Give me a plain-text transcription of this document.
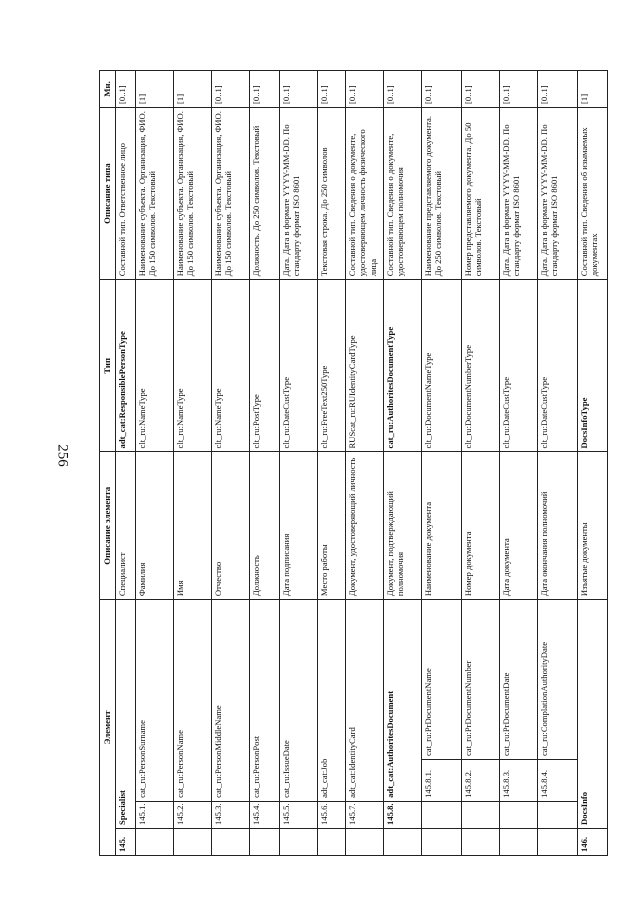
256
Элемент				Описание элемента	Тип	Описание типа	Мн.
145.	Specialist			Специалист	adt_cat:ResponsiblePersonType	Составной тип. Ответственное лицо	[0..1]
	145.1.	cat_ru:PersonSurname		Фамилия	clt_ru:NameType	Наименование субъекта. Организация, ФИО. До 150 символов. Текстовый	[1]
	145.2.	cat_ru:PersonName		Имя	clt_ru:NameType	Наименование субъекта. Организация, ФИО. До 150 символов. Текстовый	[1]
	145.3.	cat_ru:PersonMiddleName		Отчество	clt_ru:NameType	Наименование субъекта. Организация, ФИО. До 150 символов. Текстовый	[0..1]
	145.4.	cat_ru:PersonPost		Должность	clt_ru:PostType	Должность. До 250 символов. Текстовый	[0..1]
	145.5.	cat_ru:IssueDate		Дата подписания	clt_ru:DateCustType	Дата. Дата в формате YYYY-MM-DD. По стандарту формат ISO 8601	[0..1]
	145.6.	adt_cat:Job		Место работы	clt_ru:FreeText250Type	Текстовая строка. До 250 символов	[0..1]
	145.7.	adt_cat:IdentityCard		Документ, удостоверяющий личность	RUScat_ru:RUIdentityCardType	Составной тип. Сведения о документе, удостоверяющем личность физического лица	[0..1]
	145.8.	adt_cat:AuthoritesDocument		Документ, подтверждающий полномочия	cat_ru:AuthoritesDocumentType	Составной тип. Сведения о документе, удостоверяющем полномочия	[0..1]
		145.8.1.	cat_ru:PrDocumentName	Наименование документа	clt_ru:DocumentNameType	Наименование представляемого документа. До 250 символов. Текстовый	[0..1]
		145.8.2.	cat_ru:PrDocumentNumber	Номер документа	clt_ru:DocumentNumberType	Номер представляемого документа. До 50 символов. Текстовый	[0..1]
		145.8.3.	cat_ru:PrDocumentDate	Дата документа	clt_ru:DateCustType	Дата. Дата в формате YYYY-MM-DD. По стандарту формат ISO 8601	[0..1]
		145.8.4.	cat_ru:ComplationAuthorityDate	Дата окончания полномочий	clt_ru:DateCustType	Дата. Дата в формате YYYY-MM-DD. По стандарту формат ISO 8601	[0..1]
146.	DocsInfo			Изъятые документы	DocsInfoType	Составной тип. Сведения об изымаемых документах	[1]
